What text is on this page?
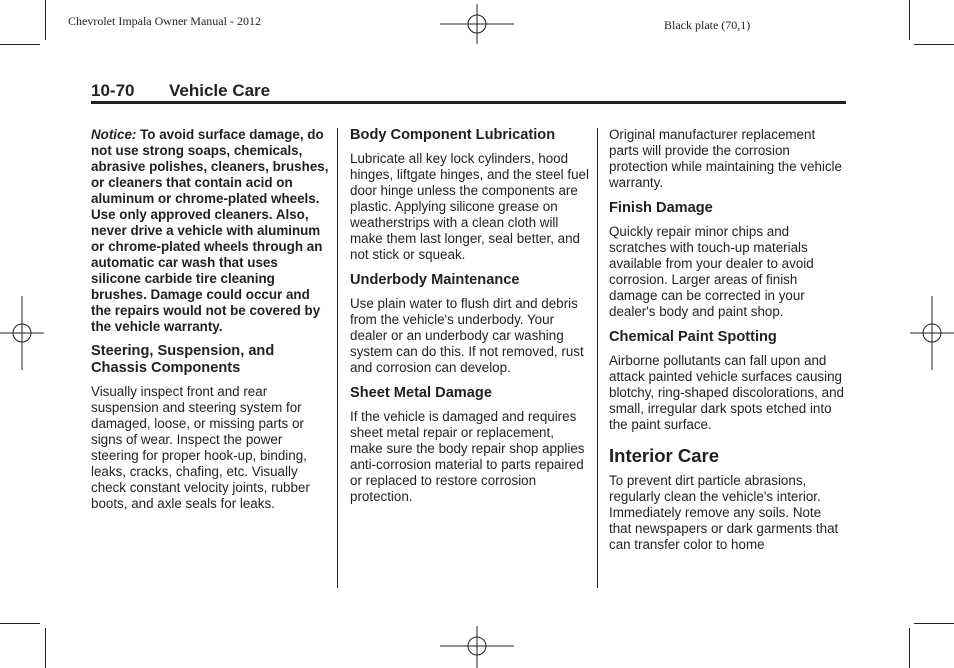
Chevrolet Impala Owner Manual - 2012	Black plate (70,1)
10-70 Vehicle Care

Notice: To avoid surface damage, do not use strong soaps, chemicals, abrasive polishes, cleaners, brushes, or cleaners that contain acid on aluminum or chrome-plated wheels. Use only approved cleaners. Also, never drive a vehicle with aluminum or chrome-plated wheels through an automatic car wash that uses silicone carbide tire cleaning brushes. Damage could occur and the repairs would not be covered by the vehicle warranty.

Steering, Suspension, and Chassis Components

Visually inspect front and rear suspension and steering system for damaged, loose, or missing parts or signs of wear. Inspect the power steering for proper hook-up, binding, leaks, cracks, chafing, etc. Visually check constant velocity joints, rubber boots, and axle seals for leaks.

Body Component Lubrication

Lubricate all key lock cylinders, hood hinges, liftgate hinges, and the steel fuel door hinge unless the components are plastic. Applying silicone grease on weatherstrips with a clean cloth will make them last longer, seal better, and not stick or squeak.

Underbody Maintenance

Use plain water to flush dirt and debris from the vehicle's underbody. Your dealer or an underbody car washing system can do this. If not removed, rust and corrosion can develop.

Sheet Metal Damage

If the vehicle is damaged and requires sheet metal repair or replacement, make sure the body repair shop applies anti-corrosion material to parts repaired or replaced to restore corrosion protection.

Original manufacturer replacement parts will provide the corrosion protection while maintaining the vehicle warranty.

Finish Damage

Quickly repair minor chips and scratches with touch-up materials available from your dealer to avoid corrosion. Larger areas of finish damage can be corrected in your dealer's body and paint shop.

Chemical Paint Spotting

Airborne pollutants can fall upon and attack painted vehicle surfaces causing blotchy, ring-shaped discolorations, and small, irregular dark spots etched into the paint surface.

Interior Care

To prevent dirt particle abrasions, regularly clean the vehicle's interior. Immediately remove any soils. Note that newspapers or dark garments that can transfer color to home
